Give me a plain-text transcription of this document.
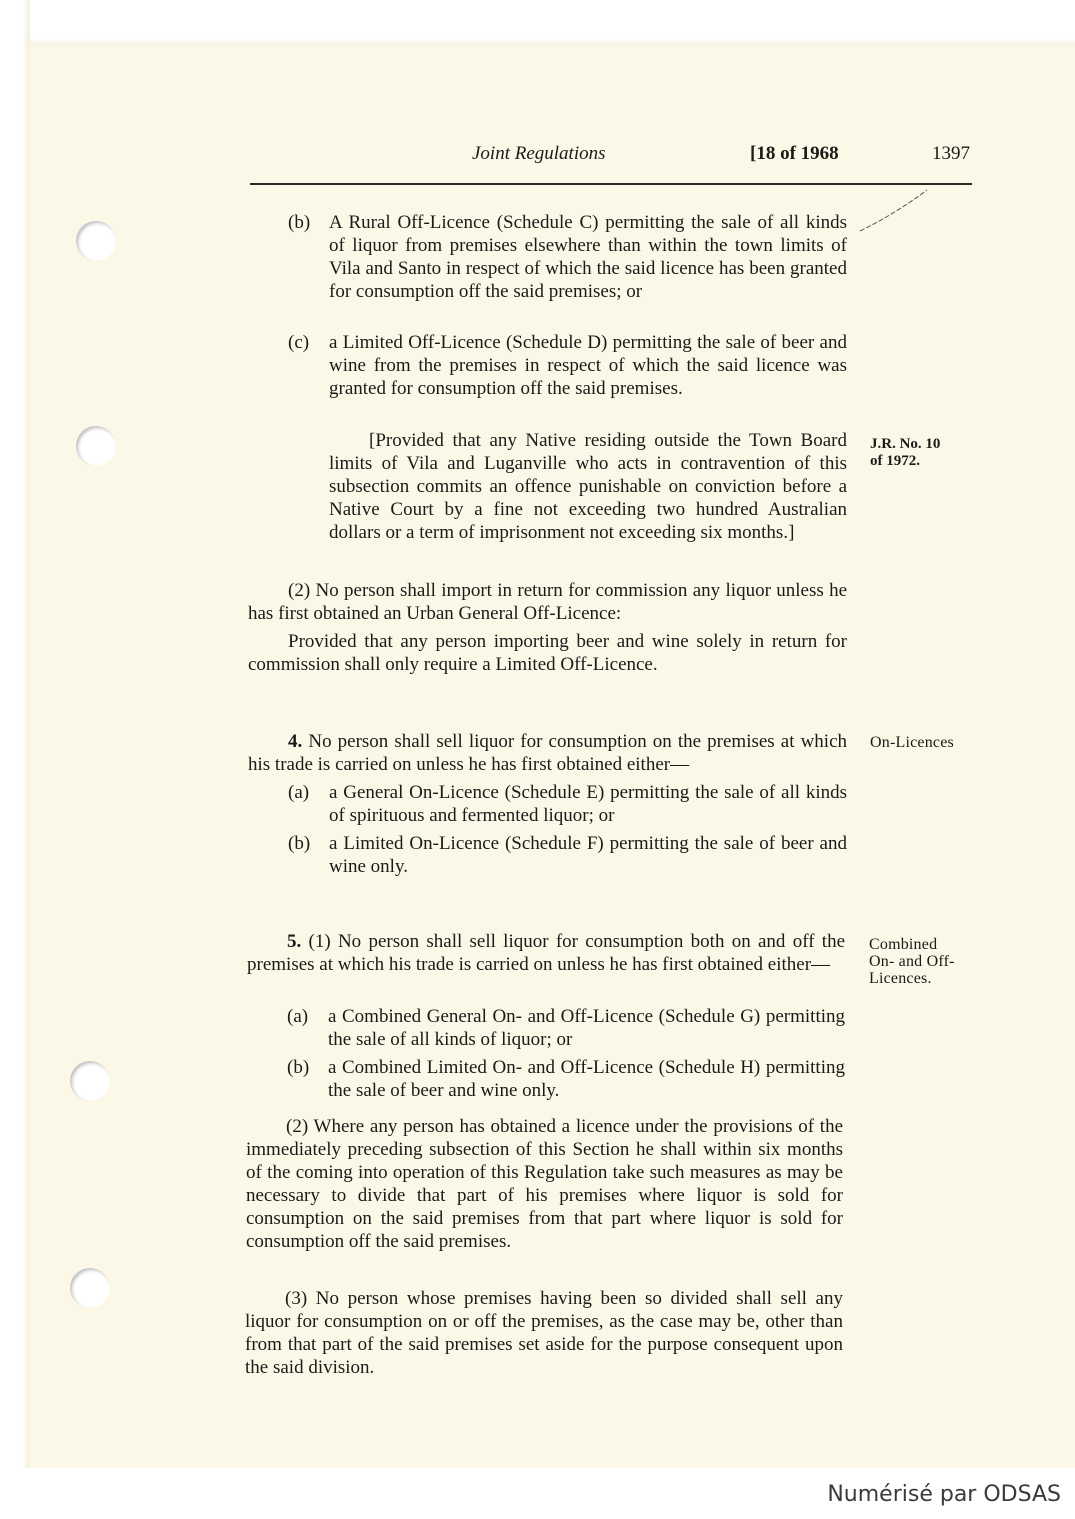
Joint Regulations	[18 of 1968	1397
(b) A Rural Off-Licence (Schedule C) permitting the sale of all kinds of liquor from premises elsewhere than within the town limits of Vila and Santo in respect of which the said licence has been granted for consumption off the said premises; or
(c) a Limited Off-Licence (Schedule D) permitting the sale of beer and wine from the premises in respect of which the said licence was granted for consumption off the said premises.
[Provided that any Native residing outside the Town Board limits of Vila and Luganville who acts in contravention of this subsection commits an offence punishable on conviction before a Native Court by a fine not exceeding two hundred Australian dollars or a term of imprisonment not exceeding six months.]
J.R. No. 10
of 1972.
(2) No person shall import in return for commission any liquor unless he has first obtained an Urban General Off-Licence:
Provided that any person importing beer and wine solely in return for commission shall only require a Limited Off-Licence.
4. No person shall sell liquor for consumption on the premises at which his trade is carried on unless he has first obtained either—
On-Licences
(a) a General On-Licence (Schedule E) permitting the sale of all kinds of spirituous and fermented liquor; or
(b) a Limited On-Licence (Schedule F) permitting the sale of beer and wine only.
5. (1) No person shall sell liquor for consumption both on and off the premises at which his trade is carried on unless he has first obtained either—
Combined
On- and Off-
Licences.
(a) a Combined General On- and Off-Licence (Schedule G) permitting the sale of all kinds of liquor; or
(b) a Combined Limited On- and Off-Licence (Schedule H) permitting the sale of beer and wine only.
(2) Where any person has obtained a licence under the provisions of the immediately preceding subsection of this Section he shall within six months of the coming into operation of this Regulation take such measures as may be necessary to divide that part of his premises where liquor is sold for consumption on the said premises from that part where liquor is sold for consumption off the said premises.
(3) No person whose premises having been so divided shall sell any liquor for consumption on or off the premises, as the case may be, other than from that part of the said premises set aside for the purpose consequent upon the said division.
Numérisé par ODSAS
